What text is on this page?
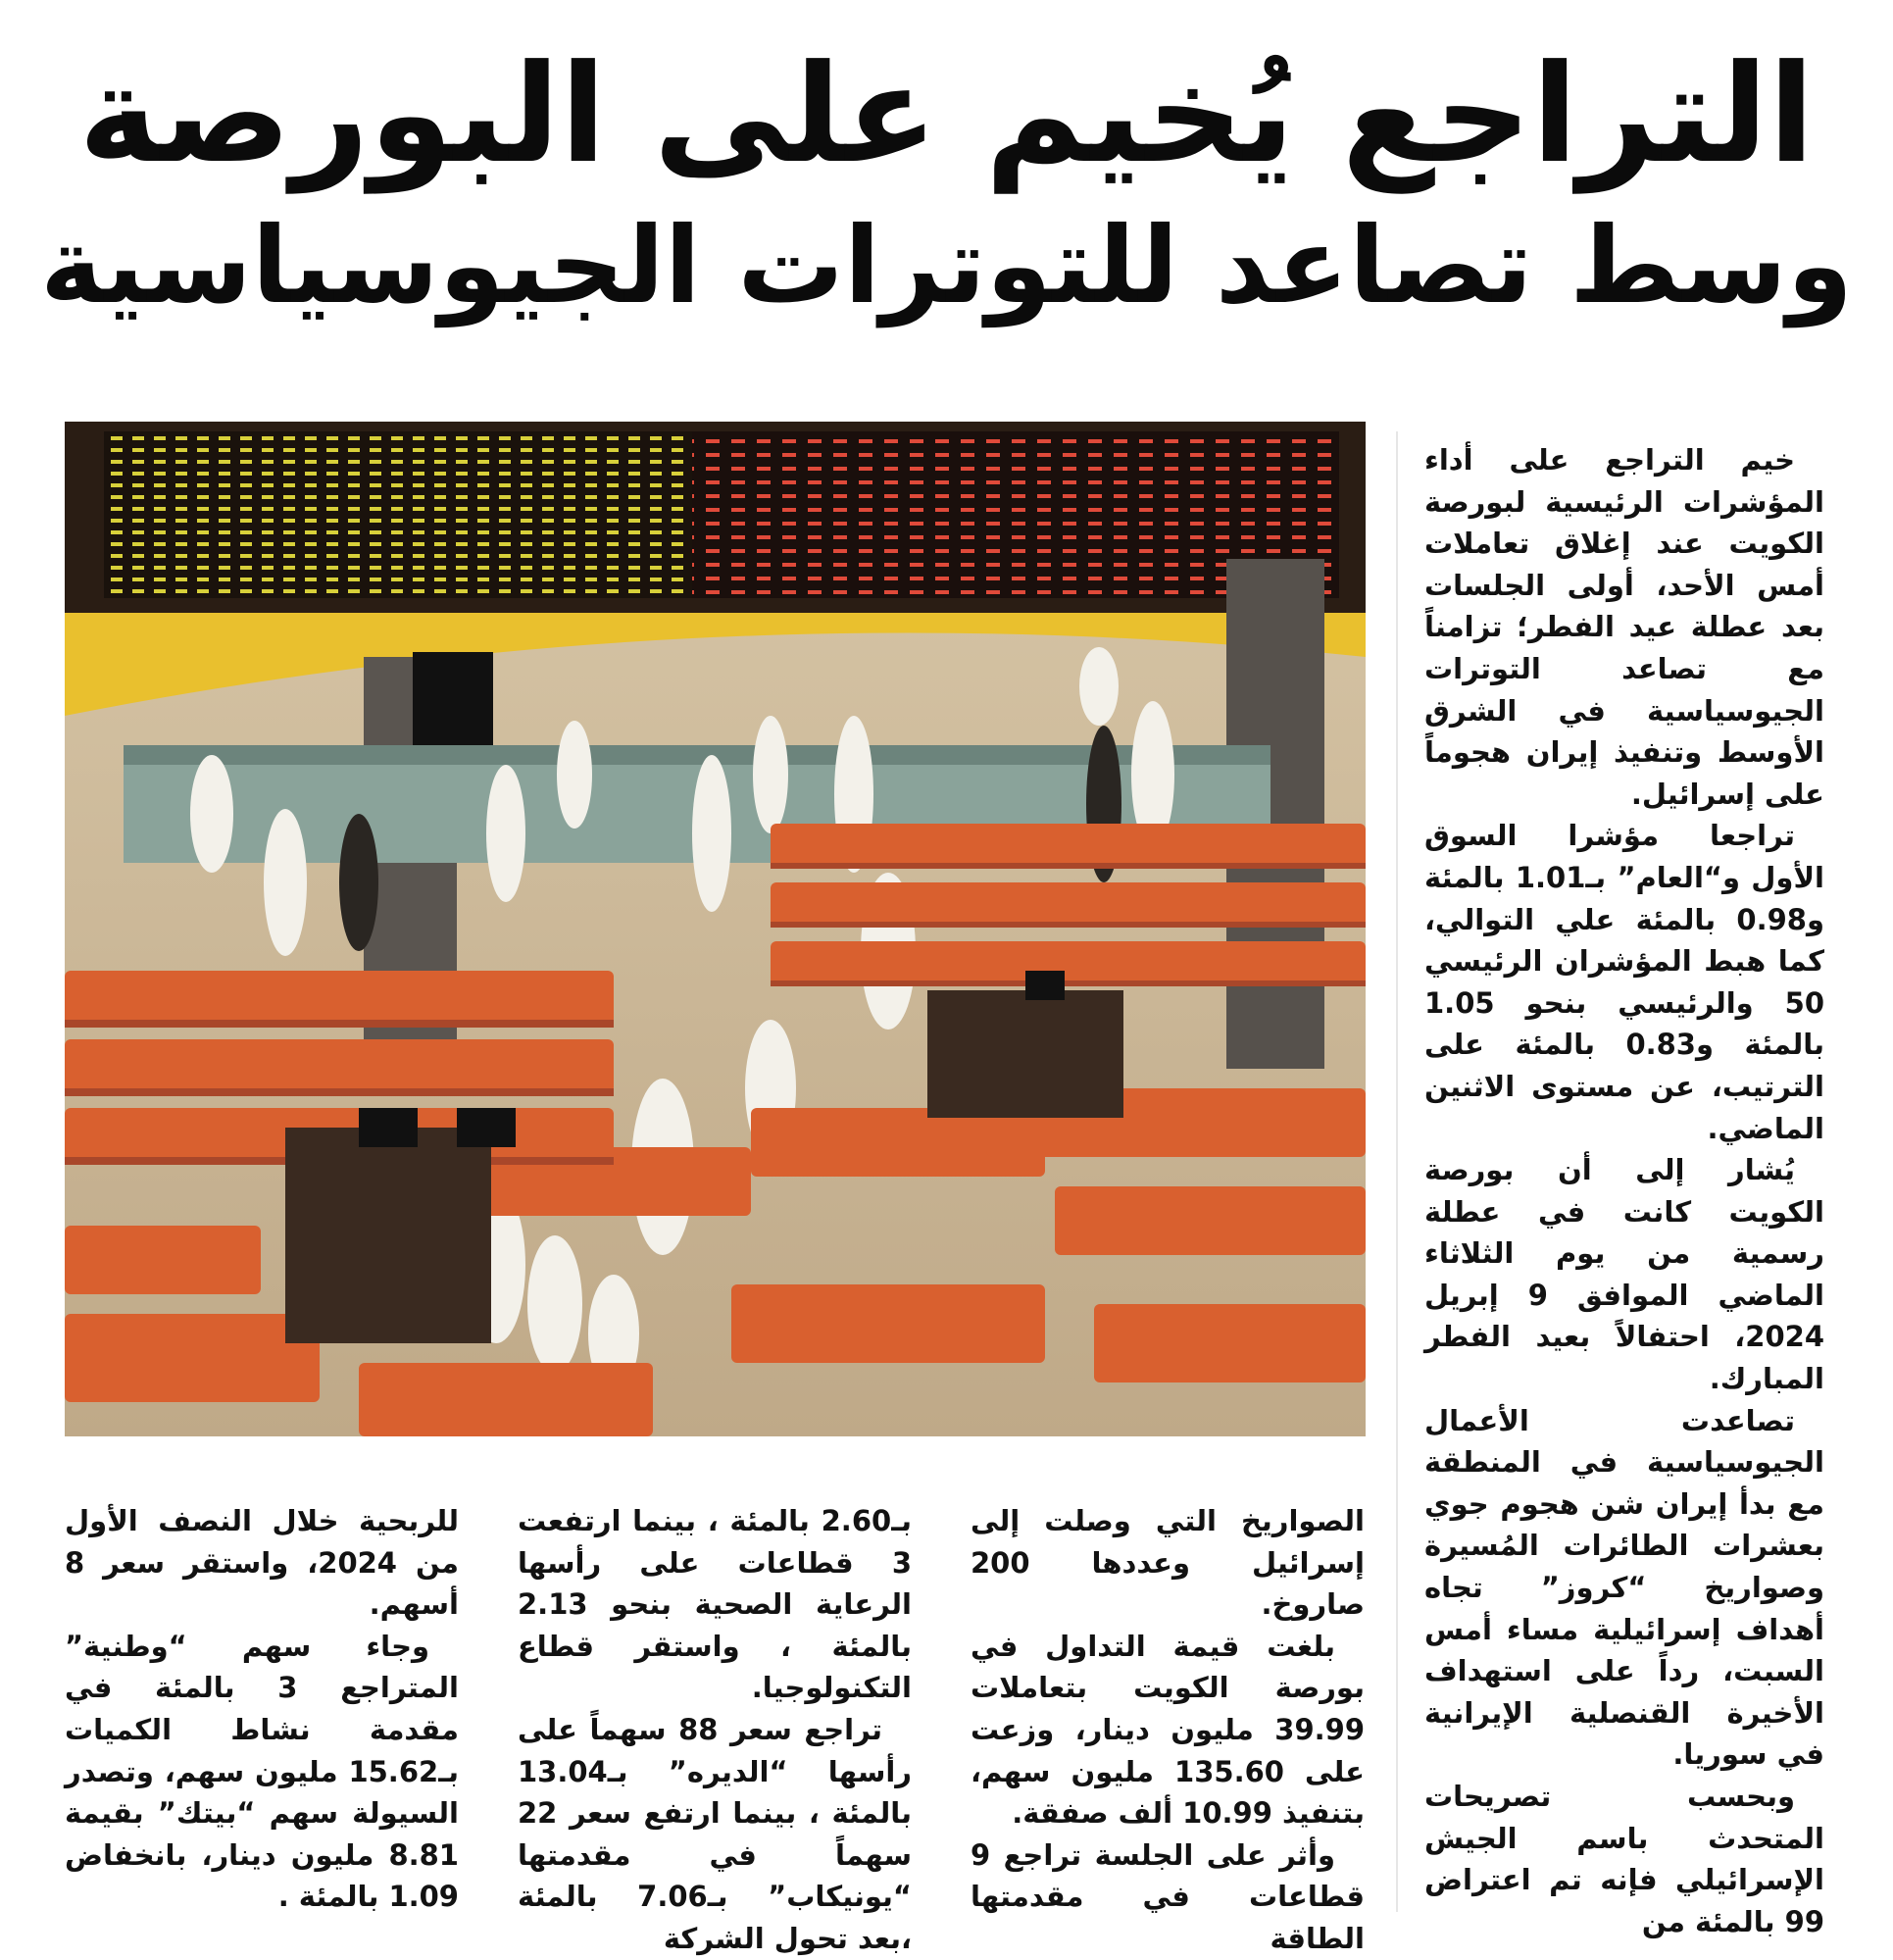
التراجع يُخيم على البورصة
وسط تصاعد للتوترات الجيوسياسية

خيم التراجع على أداء المؤشرات الرئيسية لبورصة الكويت عند إغلاق تعاملات أمس الأحد، أولى الجلسات بعد عطلة عيد الفطر؛ تزامناً مع تصاعد التوترات الجيوسياسية في الشرق الأوسط وتنفيذ إيران هجوماً على إسرائيل.

تراجعا مؤشرا السوق الأول و“العام” بـ1.01 بالمئة و0.98 بالمئة علي التوالي، كما هبط المؤشران الرئيسي 50 والرئيسي بنحو 1.05 بالمئة و0.83 بالمئة على الترتيب، عن مستوى الاثنين الماضي.

يُشار إلى أن بورصة الكويت كانت في عطلة رسمية من يوم الثلاثاء الماضي الموافق 9 إبريل 2024، احتفالاً بعيد الفطر المبارك.

تصاعدت الأعمال الجيوسياسية في المنطقة مع بدأ إيران شن هجوم جوي بعشرات الطائرات المُسيرة وصواريخ “كروز” تجاه أهداف إسرائيلية مساء أمس السبت، رداً على استهداف الأخيرة القنصلية الإيرانية في سوريا.

وبحسب تصريحات المتحدث باسم الجيش الإسرائيلي فإنه تم اعتراض 99 بالمئة من

الصواريخ التي وصلت إلى إسرائيل وعددها 200 صاروخ.

بلغت قيمة التداول في بورصة الكويت بتعاملات 39.99 مليون دينار، وزعت على 135.60 مليون سهم، بتنفيذ 10.99 ألف صفقة.

وأثر على الجلسة تراجع 9 قطاعات في مقدمتها الطاقة

بـ2.60 بالمئة ، بينما ارتفعت 3 قطاعات على رأسها الرعاية الصحية بنحو 2.13 بالمئة ، واستقر قطاع التكنولوجيا.

تراجع سعر 88 سهماً على رأسها “الديره” بـ13.04 بالمئة ، بينما ارتفع سعر 22 سهماً في مقدمتها “يونيكاب” بـ7.06 بالمئة ،بعد تحول الشركة

للربحية خلال النصف الأول من 2024، واستقر سعر 8 أسهم.

وجاء سهم “وطنية” المتراجع 3 بالمئة في مقدمة نشاط الكميات بـ15.62 مليون سهم، وتصدر السيولة سهم “بيتك” بقيمة 8.81 مليون دينار، بانخفاض 1.09 بالمئة .
